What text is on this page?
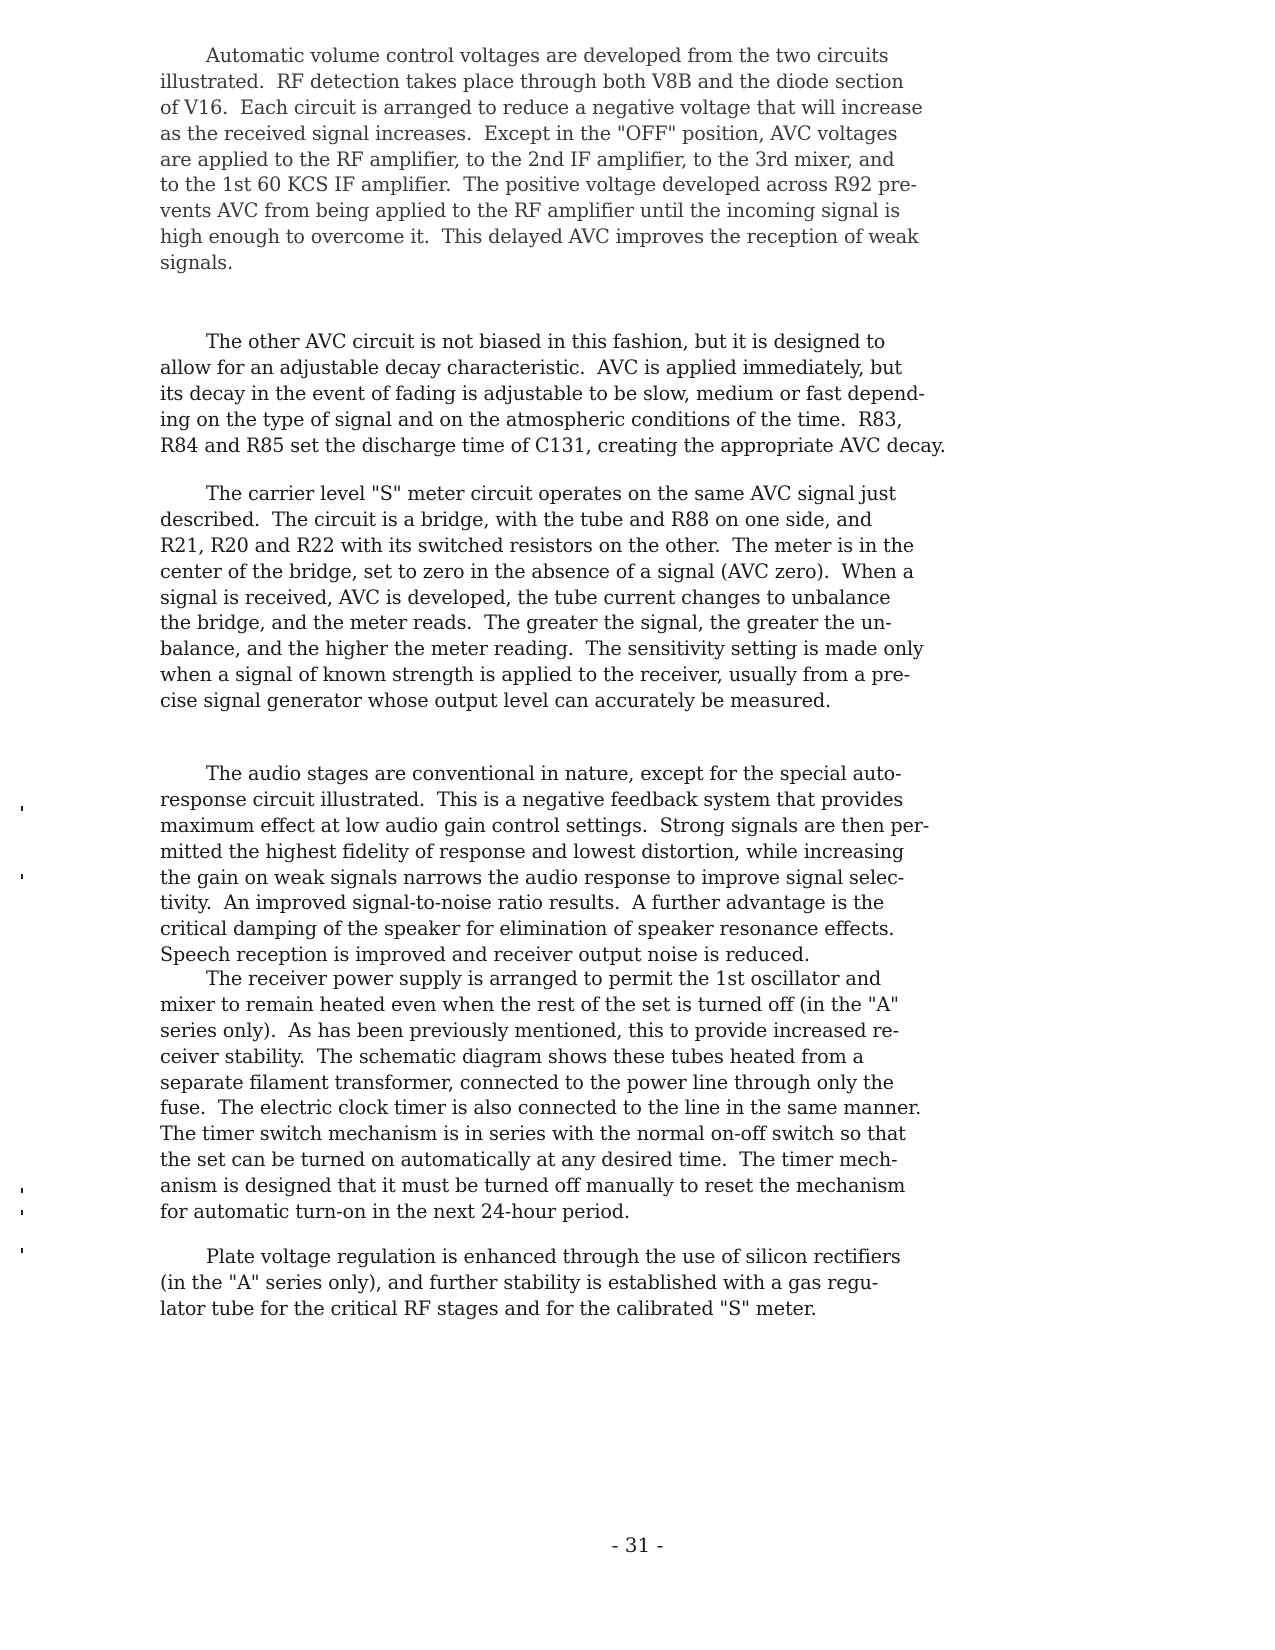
Automatic volume control voltages are developed from the two circuits
illustrated.  RF detection takes place through both V8B and the diode section
of V16.  Each circuit is arranged to reduce a negative voltage that will increase
as the received signal increases.  Except in the "OFF" position, AVC voltages
are applied to the RF amplifier, to the 2nd IF amplifier, to the 3rd mixer, and
to the 1st 60 KCS IF amplifier.  The positive voltage developed across R92 pre-
vents AVC from being applied to the RF amplifier until the incoming signal is
high enough to overcome it.  This delayed AVC improves the reception of weak
signals.
The other AVC circuit is not biased in this fashion, but it is designed to
allow for an adjustable decay characteristic.  AVC is applied immediately, but
its decay in the event of fading is adjustable to be slow, medium or fast depend-
ing on the type of signal and on the atmospheric conditions of the time.  R83,
R84 and R85 set the discharge time of C131, creating the appropriate AVC decay.
The carrier level "S" meter circuit operates on the same AVC signal just
described.  The circuit is a bridge, with the tube and R88 on one side, and
R21, R20 and R22 with its switched resistors on the other.  The meter is in the
center of the bridge, set to zero in the absence of a signal (AVC zero).  When a
signal is received, AVC is developed, the tube current changes to unbalance
the bridge, and the meter reads.  The greater the signal, the greater the un-
balance, and the higher the meter reading.  The sensitivity setting is made only
when a signal of known strength is applied to the receiver, usually from a pre-
cise signal generator whose output level can accurately be measured.
The audio stages are conventional in nature, except for the special auto-
response circuit illustrated.  This is a negative feedback system that provides
maximum effect at low audio gain control settings.  Strong signals are then per-
mitted the highest fidelity of response and lowest distortion, while increasing
the gain on weak signals narrows the audio response to improve signal selec-
tivity.  An improved signal-to-noise ratio results.  A further advantage is the
critical damping of the speaker for elimination of speaker resonance effects.
Speech reception is improved and receiver output noise is reduced.
The receiver power supply is arranged to permit the 1st oscillator and
mixer to remain heated even when the rest of the set is turned off (in the "A"
series only).  As has been previously mentioned, this to provide increased re-
ceiver stability.  The schematic diagram shows these tubes heated from a
separate filament transformer, connected to the power line through only the
fuse.  The electric clock timer is also connected to the line in the same manner.
The timer switch mechanism is in series with the normal on-off switch so that
the set can be turned on automatically at any desired time.  The timer mech-
anism is designed that it must be turned off manually to reset the mechanism
for automatic turn-on in the next 24-hour period.
Plate voltage regulation is enhanced through the use of silicon rectifiers
(in the "A" series only), and further stability is established with a gas regu-
lator tube for the critical RF stages and for the calibrated "S" meter.
- 31 -
